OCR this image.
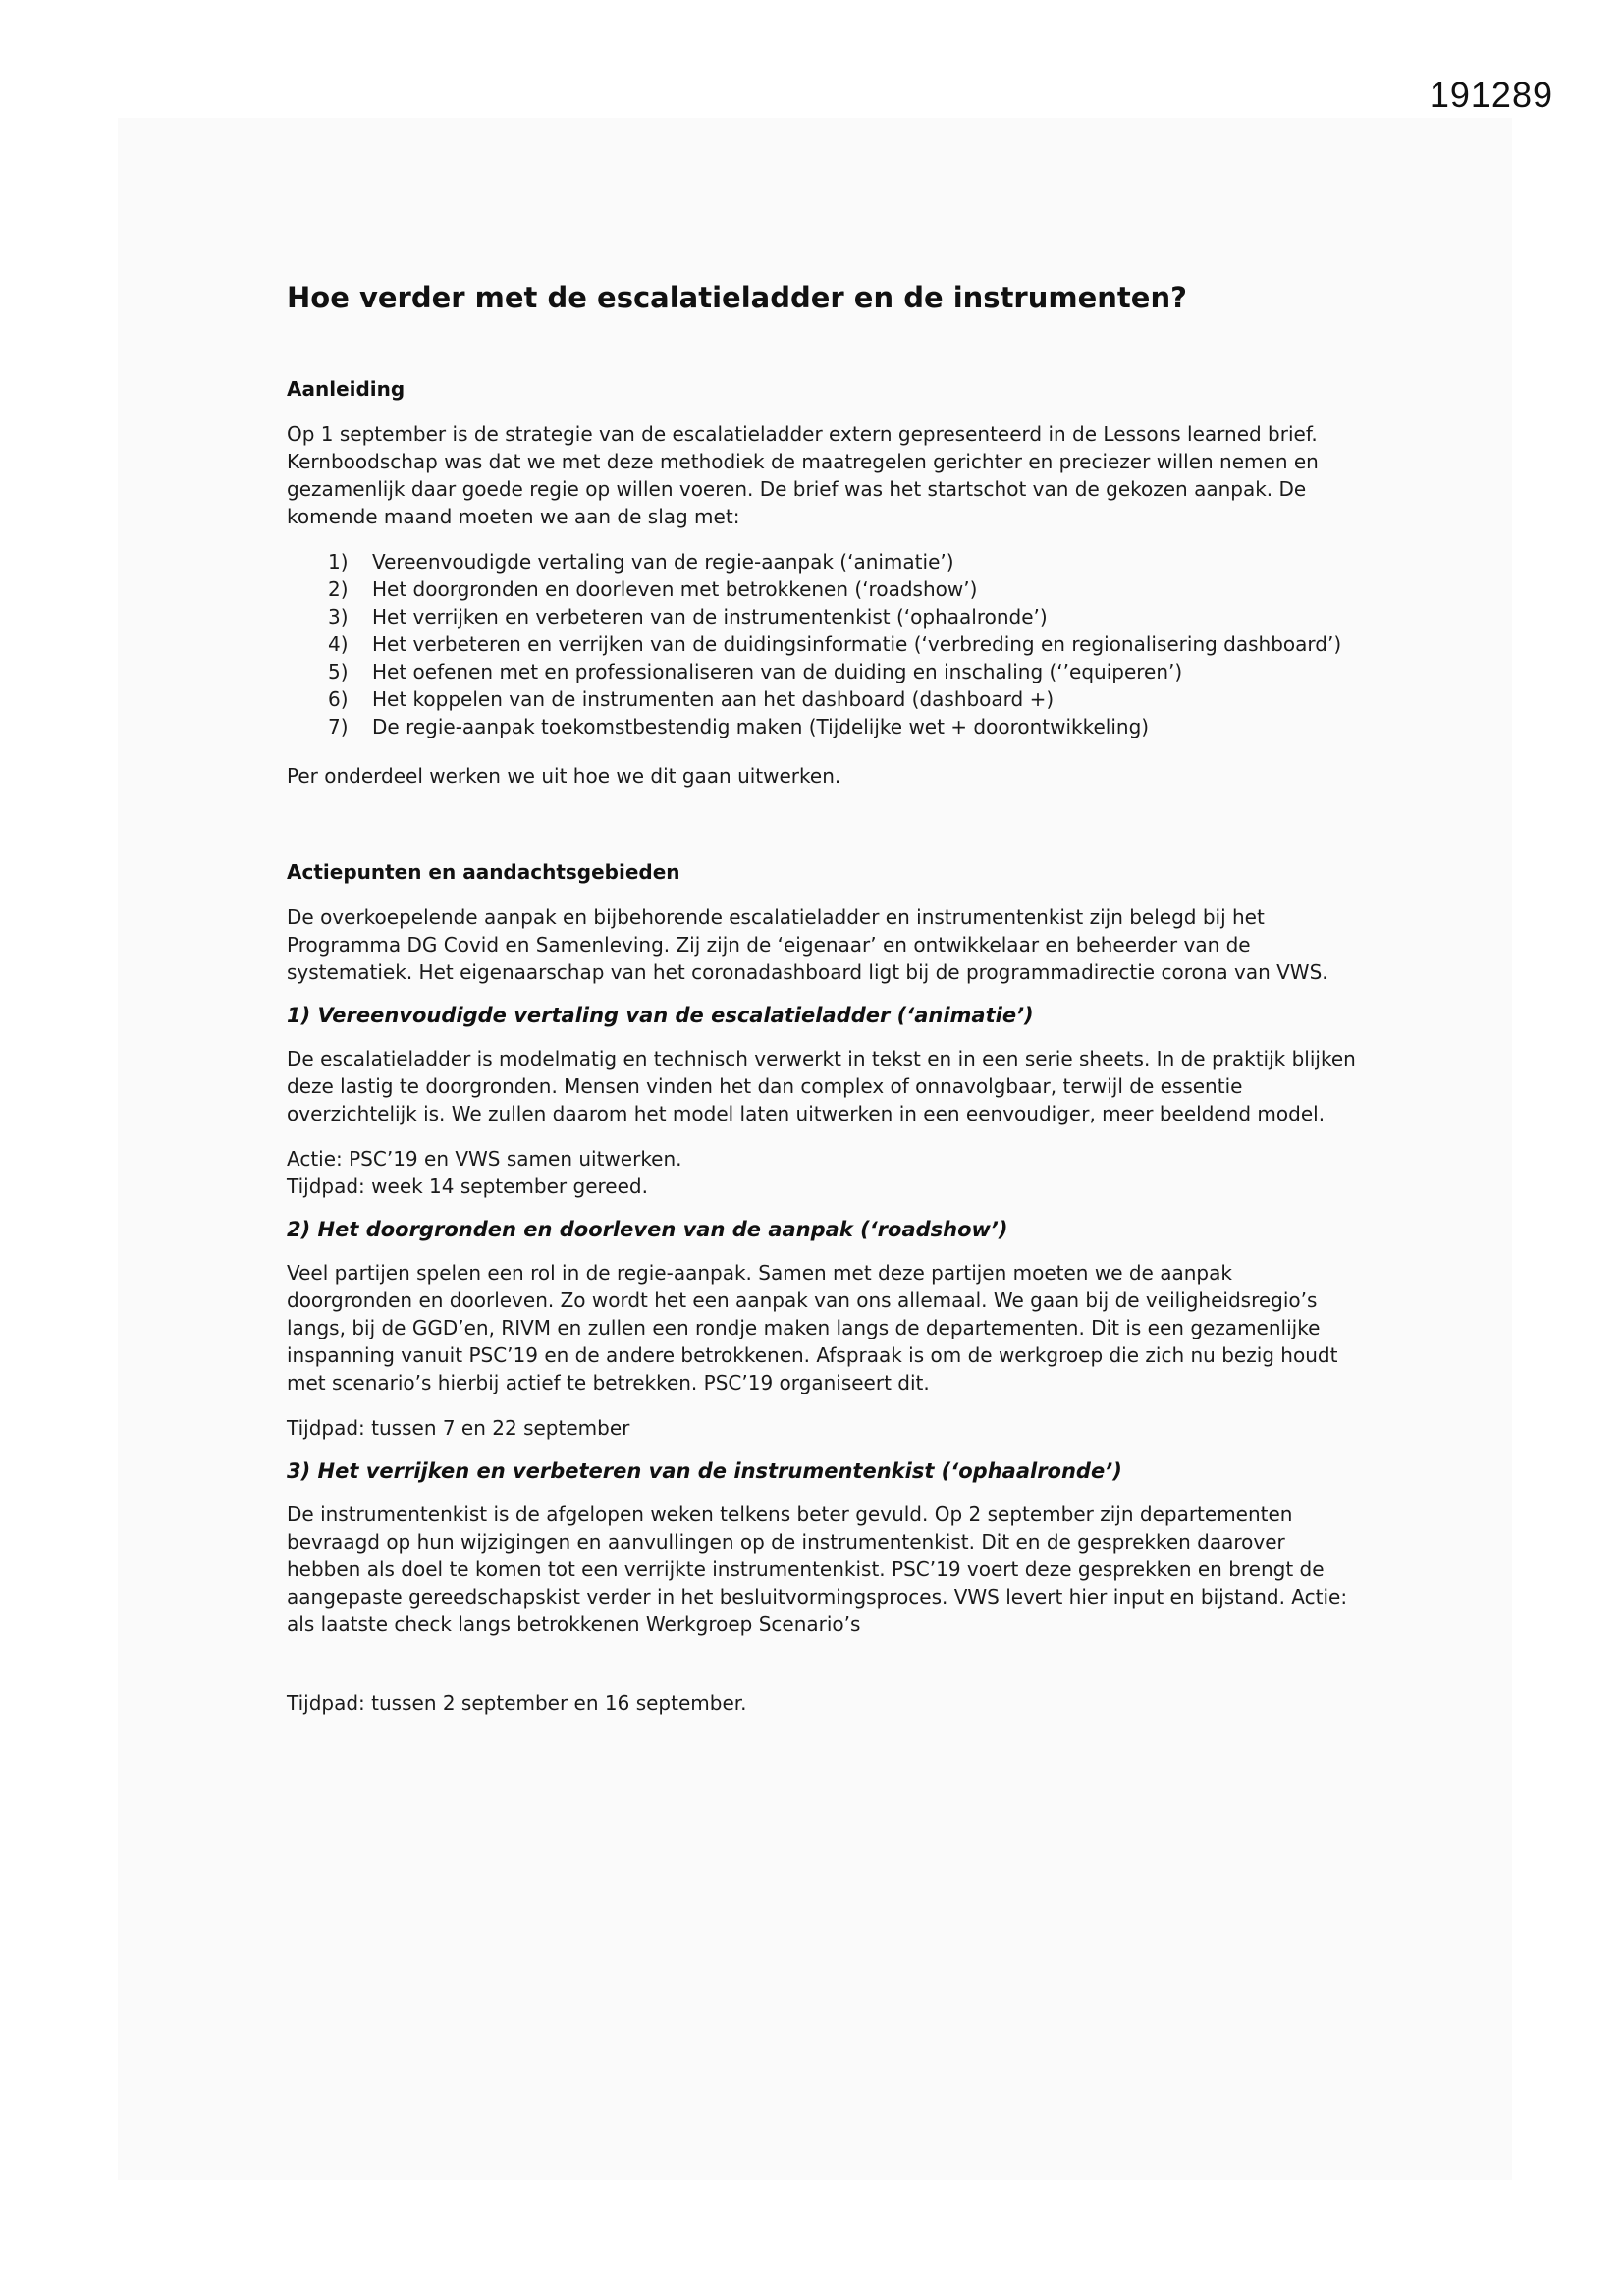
191289
Hoe verder met de escalatieladder en de instrumenten?
Aanleiding

Op 1 september is de strategie van de escalatieladder extern gepresenteerd in de Lessons learned brief. Kernboodschap was dat we met deze methodiek de maatregelen gerichter en preciezer willen nemen en gezamenlijk daar goede regie op willen voeren. De brief was het startschot van de gekozen aanpak. De komende maand moeten we aan de slag met:

1) Vereenvoudigde vertaling van de regie-aanpak (‘animatie’)
2) Het doorgronden en doorleven met betrokkenen (‘roadshow’)
3) Het verrijken en verbeteren van de instrumentenkist (‘ophaalronde’)
4) Het verbeteren en verrijken van de duidingsinformatie (‘verbreding en regionalisering dashboard’)
5) Het oefenen met en professionaliseren van de duiding en inschaling (‘’equiperen’)
6) Het koppelen van de instrumenten aan het dashboard (dashboard +)
7) De regie-aanpak toekomstbestendig maken (Tijdelijke wet + doorontwikkeling)

Per onderdeel werken we uit hoe we dit gaan uitwerken.

Actiepunten en aandachtsgebieden

De overkoepelende aanpak en bijbehorende escalatieladder en instrumentenkist zijn belegd bij het Programma DG Covid en Samenleving. Zij zijn de ‘eigenaar’ en ontwikkelaar en beheerder van de systematiek. Het eigenaarschap van het coronadashboard ligt bij de programmadirectie corona van VWS.

1) Vereenvoudigde vertaling van de escalatieladder (‘animatie’)

De escalatieladder is modelmatig en technisch verwerkt in tekst en in een serie sheets. In de praktijk blijken deze lastig te doorgronden. Mensen vinden het dan complex of onnavolgbaar, terwijl de essentie overzichtelijk is. We zullen daarom het model laten uitwerken in een eenvoudiger, meer beeldend model.

Actie: PSC’19 en VWS samen uitwerken.

Tijdpad: week 14 september gereed.

2) Het doorgronden en doorleven van de aanpak (‘roadshow’)

Veel partijen spelen een rol in de regie-aanpak. Samen met deze partijen moeten we de aanpak doorgronden en doorleven. Zo wordt het een aanpak van ons allemaal. We gaan bij de veiligheidsregio’s langs, bij de GGD’en, RIVM en zullen een rondje maken langs de departementen. Dit is een gezamenlijke inspanning vanuit PSC’19 en de andere betrokkenen. Afspraak is om de werkgroep die zich nu bezig houdt met scenario’s hierbij actief te betrekken. PSC’19 organiseert dit.

Tijdpad: tussen 7 en 22 september

3) Het verrijken en verbeteren van de instrumentenkist (‘ophaalronde’)

De instrumentenkist is de afgelopen weken telkens beter gevuld. Op 2 september zijn departementen bevraagd op hun wijzigingen en aanvullingen op de instrumentenkist. Dit en de gesprekken daarover hebben als doel te komen tot een verrijkte instrumentenkist. PSC’19 voert deze gesprekken en brengt de aangepaste gereedschapskist verder in het besluitvormingsproces. VWS levert hier input en bijstand. Actie: als laatste check langs betrokkenen Werkgroep Scenario’s

Tijdpad: tussen 2 september en 16 september.
